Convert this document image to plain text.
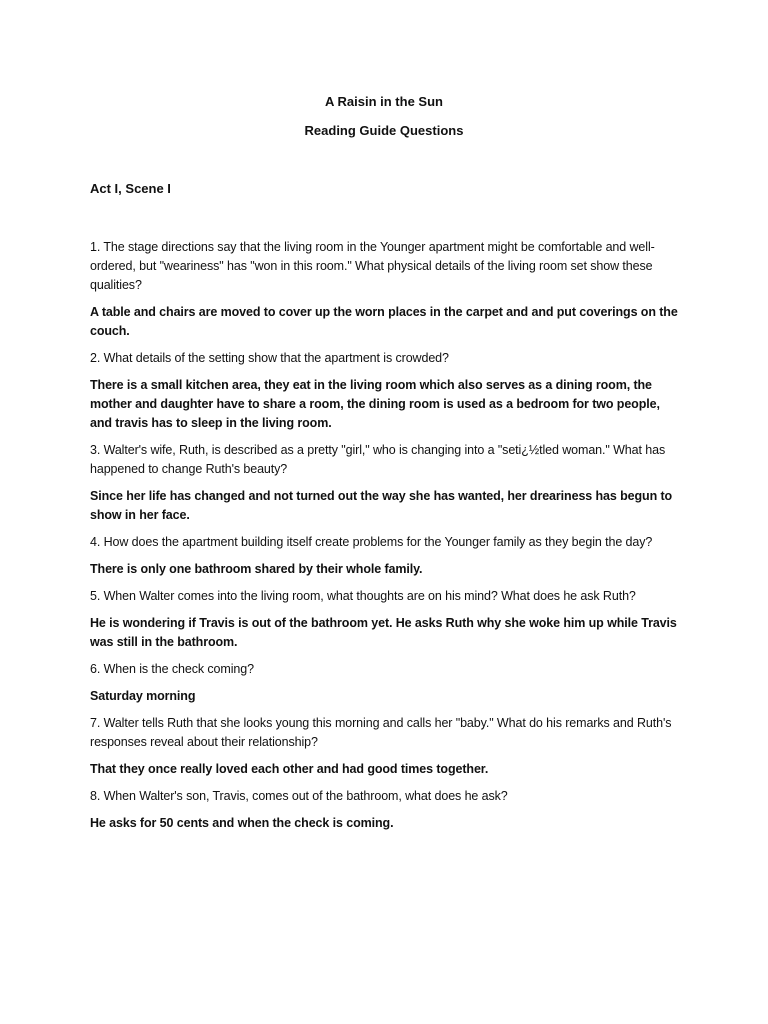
A Raisin in the Sun
Reading Guide Questions

Act I, Scene I

1. The stage directions say that the living room in the Younger apartment might be comfortable and well-ordered, but "weariness" has "won in this room." What physical details of the living room set show these qualities?

A table and chairs are moved to cover up the worn places in the carpet and and put coverings on the couch.

2. What details of the setting show that the apartment is crowded?

There is a small kitchen area, they eat in the living room which also serves as a dining room, the mother and daughter have to share a room, the dining room is used as a bedroom for two people, and travis has to sleep in the living room.

3. Walter's wife, Ruth, is described as a pretty "girl," who is changing into a "seti¿½tled woman." What has happened to change Ruth's beauty?

Since her life has changed and not turned out the way she has wanted, her dreariness has begun to show in her face.

4. How does the apartment building itself create problems for the Younger family as they begin the day?

There is only one bathroom shared by their whole family.

5. When Walter comes into the living room, what thoughts are on his mind? What does he ask Ruth?

He is wondering if Travis is out of the bathroom yet. He asks Ruth why she woke him up while Travis was still in the bathroom.

6. When is the check coming?

Saturday morning

7. Walter tells Ruth that she looks young this morning and calls her "baby." What do his remarks and Ruth's responses reveal about their relationship?

That they once really loved each other and had good times together.

8. When Walter's son, Travis, comes out of the bathroom, what does he ask?

He asks for 50 cents and when the check is coming.
